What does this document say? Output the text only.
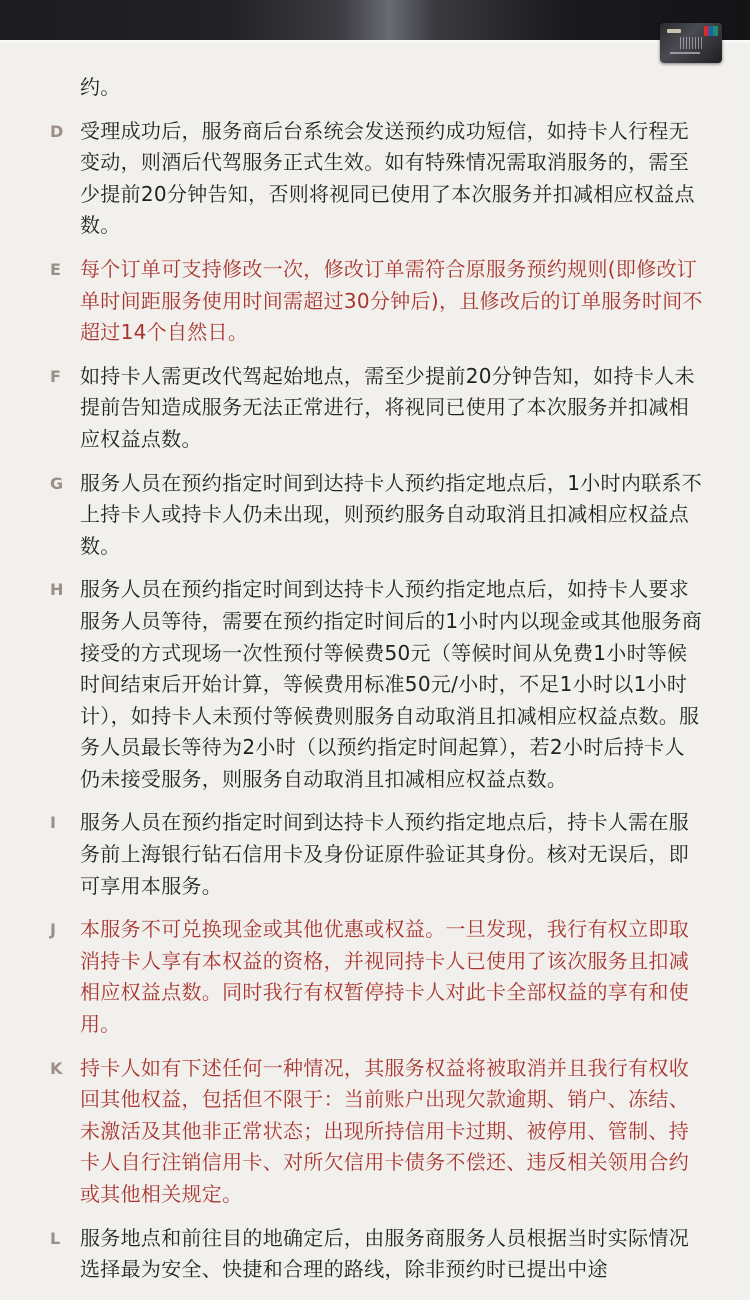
约。
D 受理成功后，服务商后台系统会发送预约成功短信，如持卡人行程无变动，则酒后代驾服务正式生效。如有特殊情况需取消服务的，需至少提前20分钟告知，否则将视同已使用了本次服务并扣减相应权益点数。
E 每个订单可支持修改一次，修改订单需符合原服务预约规则(即修改订单时间距服务使用时间需超过30分钟后)，且修改后的订单服务时间不超过14个自然日。
F 如持卡人需更改代驾起始地点，需至少提前20分钟告知，如持卡人未提前告知造成服务无法正常进行，将视同已使用了本次服务并扣减相应权益点数。
G 服务人员在预约指定时间到达持卡人预约指定地点后，1小时内联系不上持卡人或持卡人仍未出现，则预约服务自动取消且扣减相应权益点数。
H 服务人员在预约指定时间到达持卡人预约指定地点后，如持卡人要求服务人员等待，需要在预约指定时间后的1小时内以现金或其他服务商接受的方式现场一次性预付等候费50元（等候时间从免费1小时等候时间结束后开始计算，等候费用标准50元/小时，不足1小时以1小时计），如持卡人未预付等候费则服务自动取消且扣减相应权益点数。服务人员最长等待为2小时（以预约指定时间起算），若2小时后持卡人仍未接受服务，则服务自动取消且扣减相应权益点数。
I	服务人员在预约指定时间到达持卡人预约指定地点后，持卡人需在服务前上海银行钻石信用卡及身份证原件验证其身份。核对无误后，即可享用本服务。
J	本服务不可兑换现金或其他优惠或权益。一旦发现，我行有权立即取消持卡人享有本权益的资格，并视同持卡人已使用了该次服务且扣减相应权益点数。同时我行有权暂停持卡人对此卡全部权益的享有和使用。
K 持卡人如有下述任何一种情况，其服务权益将被取消并且我行有权收回其他权益，包括但不限于：当前账户出现欠款逾期、销户、冻结、未激活及其他非正常状态；出现所持信用卡过期、被停用、管制、持卡人自行注销信用卡、对所欠信用卡债务不偿还、违反相关领用合约或其他相关规定。
L 服务地点和前往目的地确定后，由服务商服务人员根据当时实际情况选择最为安全、快捷和合理的路线，除非预约时已提出中途
